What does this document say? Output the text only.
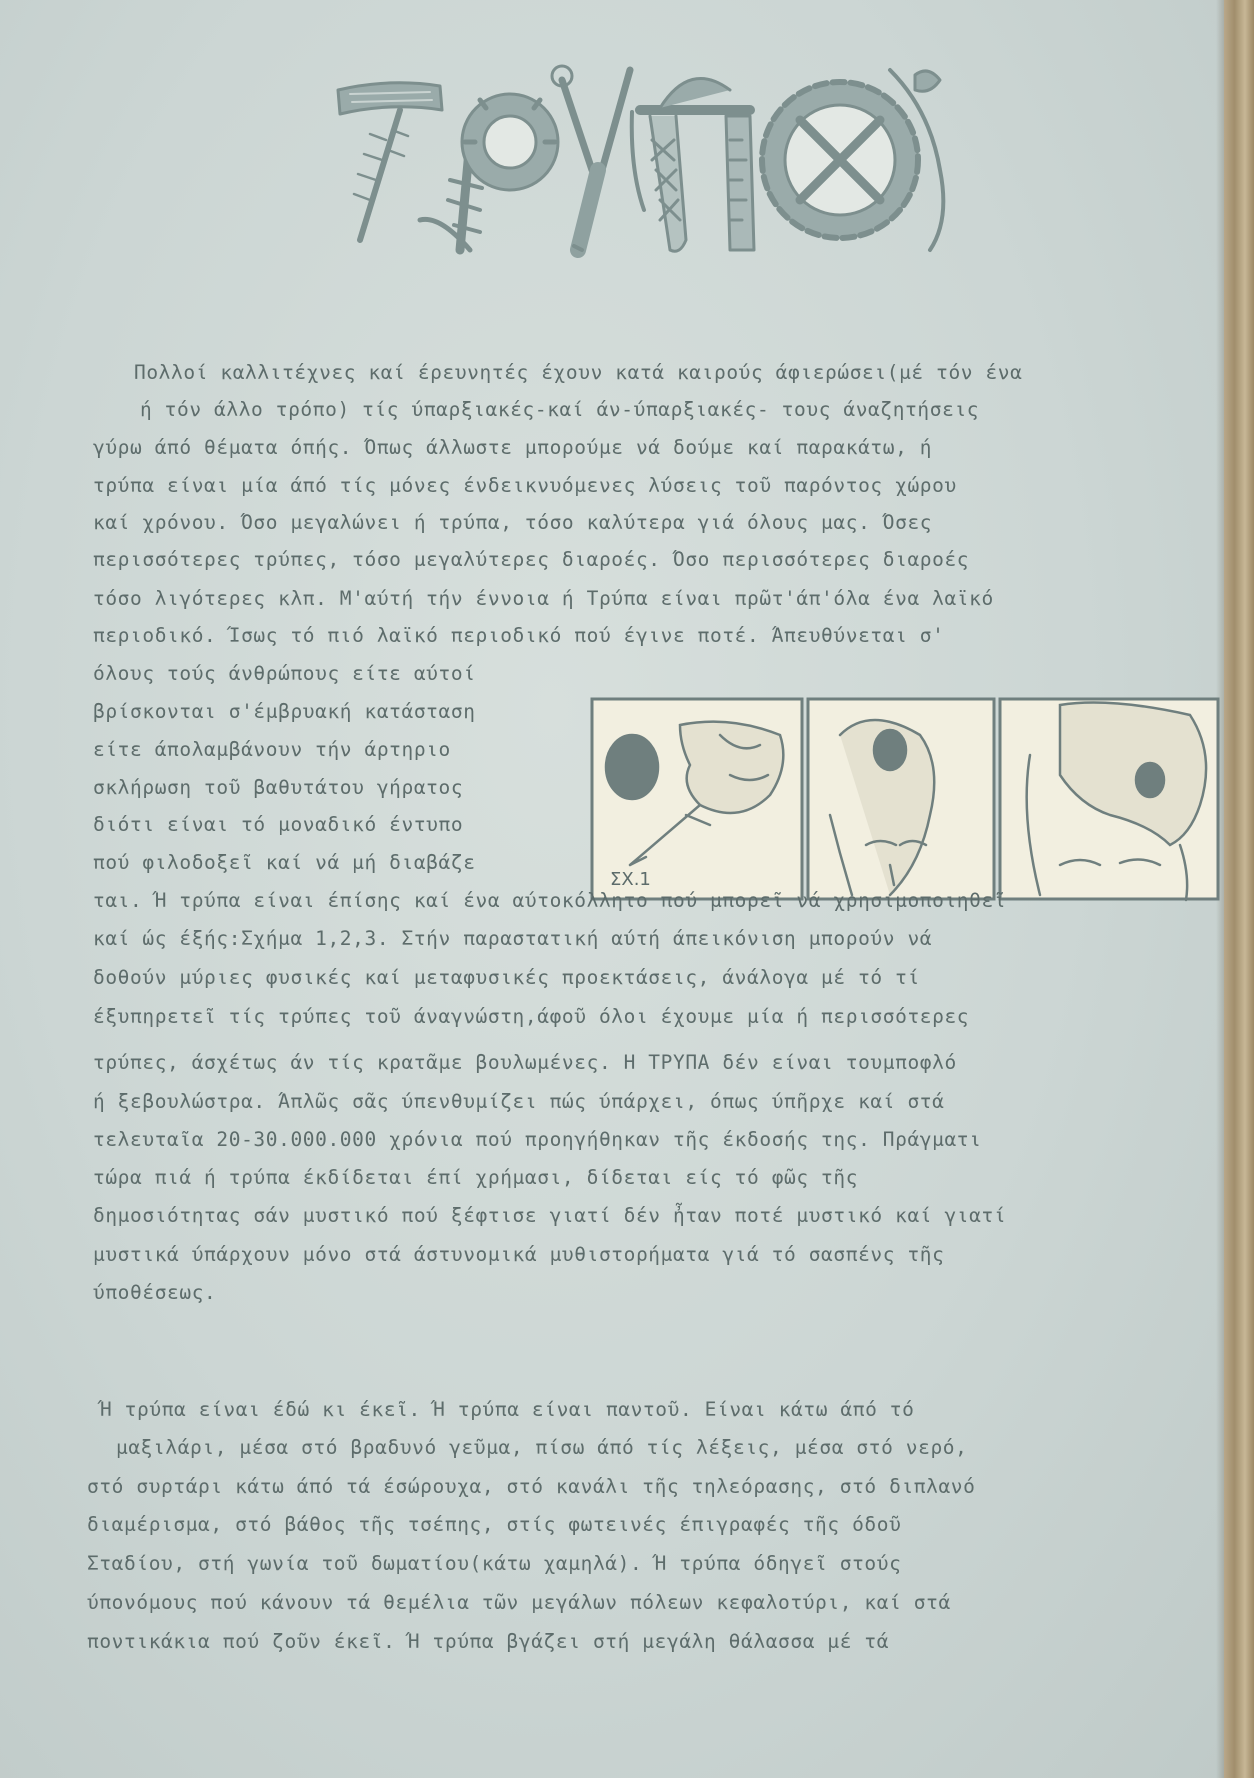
Πολλοί καλλιτέχνες καί έρευνητές έχουν κατά καιρούς άφιερώσει(μέ τόν ένα

ή τόν άλλο τρόπο) τίς ύπαρξιακές-καί άν-ύπαρξιακές- τους άναζητήσεις

γύρω άπό θέματα όπής. Όπως άλλωστε μπορούμε νά δούμε καί παρακάτω, ή

τρύπα είναι μία άπό τίς μόνες ένδεικνυόμενες λύσεις τοῦ παρόντος χώρου

καί χρόνου. Όσο μεγαλώνει ή τρύπα, τόσο καλύτερα γιά όλους μας. Όσες

περισσότερες τρύπες, τόσο μεγαλύτερες διαροές. Όσο περισσότερες διαροές

τόσο λιγότερες κλπ. Μ'αύτή τήν έννοια ή Τρύπα είναι πρῶτ'άπ'όλα ένα λαϊκό

περιοδικό. Ίσως τό πιό λαϊκό περιοδικό πού έγινε ποτέ. Άπευθύνεται σ'

όλους τούς άνθρώπους είτε αύτοί

βρίσκονται σ'έμβρυακή κατάσταση

είτε άπολαμβάνουν τήν άρτηριο

σκλήρωση τοῦ βαθυτάτου γήρατος

διότι είναι τό μοναδικό έντυπο

πού φιλοδοξεῖ καί νά μή διαβάζε

ΣΧ.1

ται. Ή τρύπα είναι έπίσης καί ένα αύτοκόλλητο πού μπορεῖ νά χρησιμοποιηθεῖ

καί ώς έξής:Σχήμα 1,2,3. Στήν παραστατική αύτή άπεικόνιση μπορούν νά

δοθούν μύριες φυσικές καί μεταφυσικές προεκτάσεις, άνάλογα μέ τό τί

έξυπηρετεῖ τίς τρύπες τοῦ άναγνώστη,άφοῦ όλοι έχουμε μία ή περισσότερες

τρύπες, άσχέτως άν τίς κρατᾶμε βουλωμένες. Η ΤΡΥΠΑ δέν είναι τουμποφλό

ή ξεβουλώστρα. Άπλῶς σᾶς ύπενθυμίζει πώς ύπάρχει, όπως ύπῆρχε καί στά

τελευταῖα 20-30.000.000 χρόνια πού προηγήθηκαν τῆς έκδοσής της. Πράγματι

τώρα πιά ή τρύπα έκδίδεται έπί χρήμασι, δίδεται είς τό φῶς τῆς

δημοσιότητας σάν μυστικό πού ξέφτισε γιατί δέν ἦταν ποτέ μυστικό καί γιατί

μυστικά ύπάρχουν μόνο στά άστυνομικά μυθιστορήματα γιά τό σασπένς τῆς

ύποθέσεως.

Ή τρύπα είναι έδώ κι έκεῖ. Ή τρύπα είναι παντοῦ. Είναι κάτω άπό τό

μαξιλάρι, μέσα στό βραδυνό γεῦμα, πίσω άπό τίς λέξεις, μέσα στό νερό,

στό συρτάρι κάτω άπό τά έσώρουχα, στό κανάλι τῆς τηλεόρασης, στό διπλανό

διαμέρισμα, στό βάθος τῆς τσέπης, στίς φωτεινές έπιγραφές τῆς όδοῦ

Σταδίου, στή γωνία τοῦ δωματίου(κάτω χαμηλά). Ή τρύπα όδηγεῖ στούς

ύπονόμους πού κάνουν τά θεμέλια τῶν μεγάλων πόλεων κεφαλοτύρι, καί στά

ποντικάκια πού ζοῦν έκεῖ. Ή τρύπα βγάζει στή μεγάλη θάλασσα μέ τά
